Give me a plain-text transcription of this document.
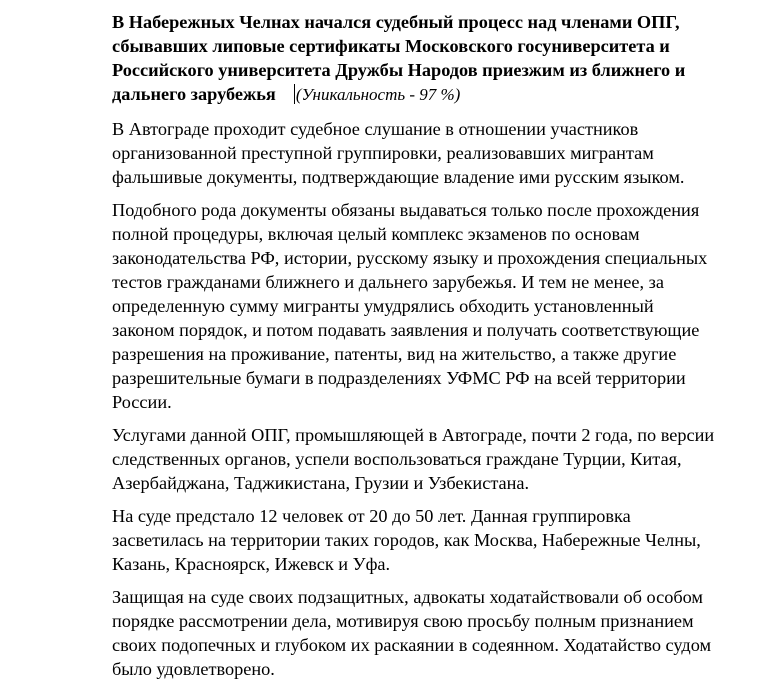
В Набережных Челнах начался судебный процесс над членами ОПГ,
сбывавших липовые сертификаты Московского госуниверситета и
Российского университета Дружбы Народов приезжим из ближнего и
дальнего зарубежья (Уникальность - 97 %)
В Автограде проходит судебное слушание в отношении участников
организованной преступной группировки, реализовавших мигрантам
фальшивые документы, подтверждающие владение ими русским языком.
Подобного рода документы обязаны выдаваться только после прохождения
полной процедуры, включая целый комплекс экзаменов по основам
законодательства РФ, истории, русскому языку и прохождения специальных
тестов гражданами ближнего и дальнего зарубежья. И тем не менее, за
определенную сумму мигранты умудрялись обходить установленный
законом порядок, и потом подавать заявления и получать соответствующие
разрешения на проживание, патенты, вид на жительство, а также другие
разрешительные бумаги в подразделениях УФМС РФ на всей территории
России.
Услугами данной ОПГ, промышляющей в Автограде, почти 2 года, по версии
следственных органов, успели воспользоваться граждане Турции, Китая,
Азербайджана, Таджикистана, Грузии и Узбекистана.
На суде предстало 12 человек от 20 до 50 лет. Данная группировка
засветилась на территории таких городов, как Москва, Набережные Челны,
Казань, Красноярск, Ижевск и Уфа.
Защищая на суде своих подзащитных, адвокаты ходатайствовали об особом
порядке рассмотрении дела, мотивируя свою просьбу полным признанием
своих подопечных и глубоком их раскаянии в содеянном. Ходатайство судом
было удовлетворено.
